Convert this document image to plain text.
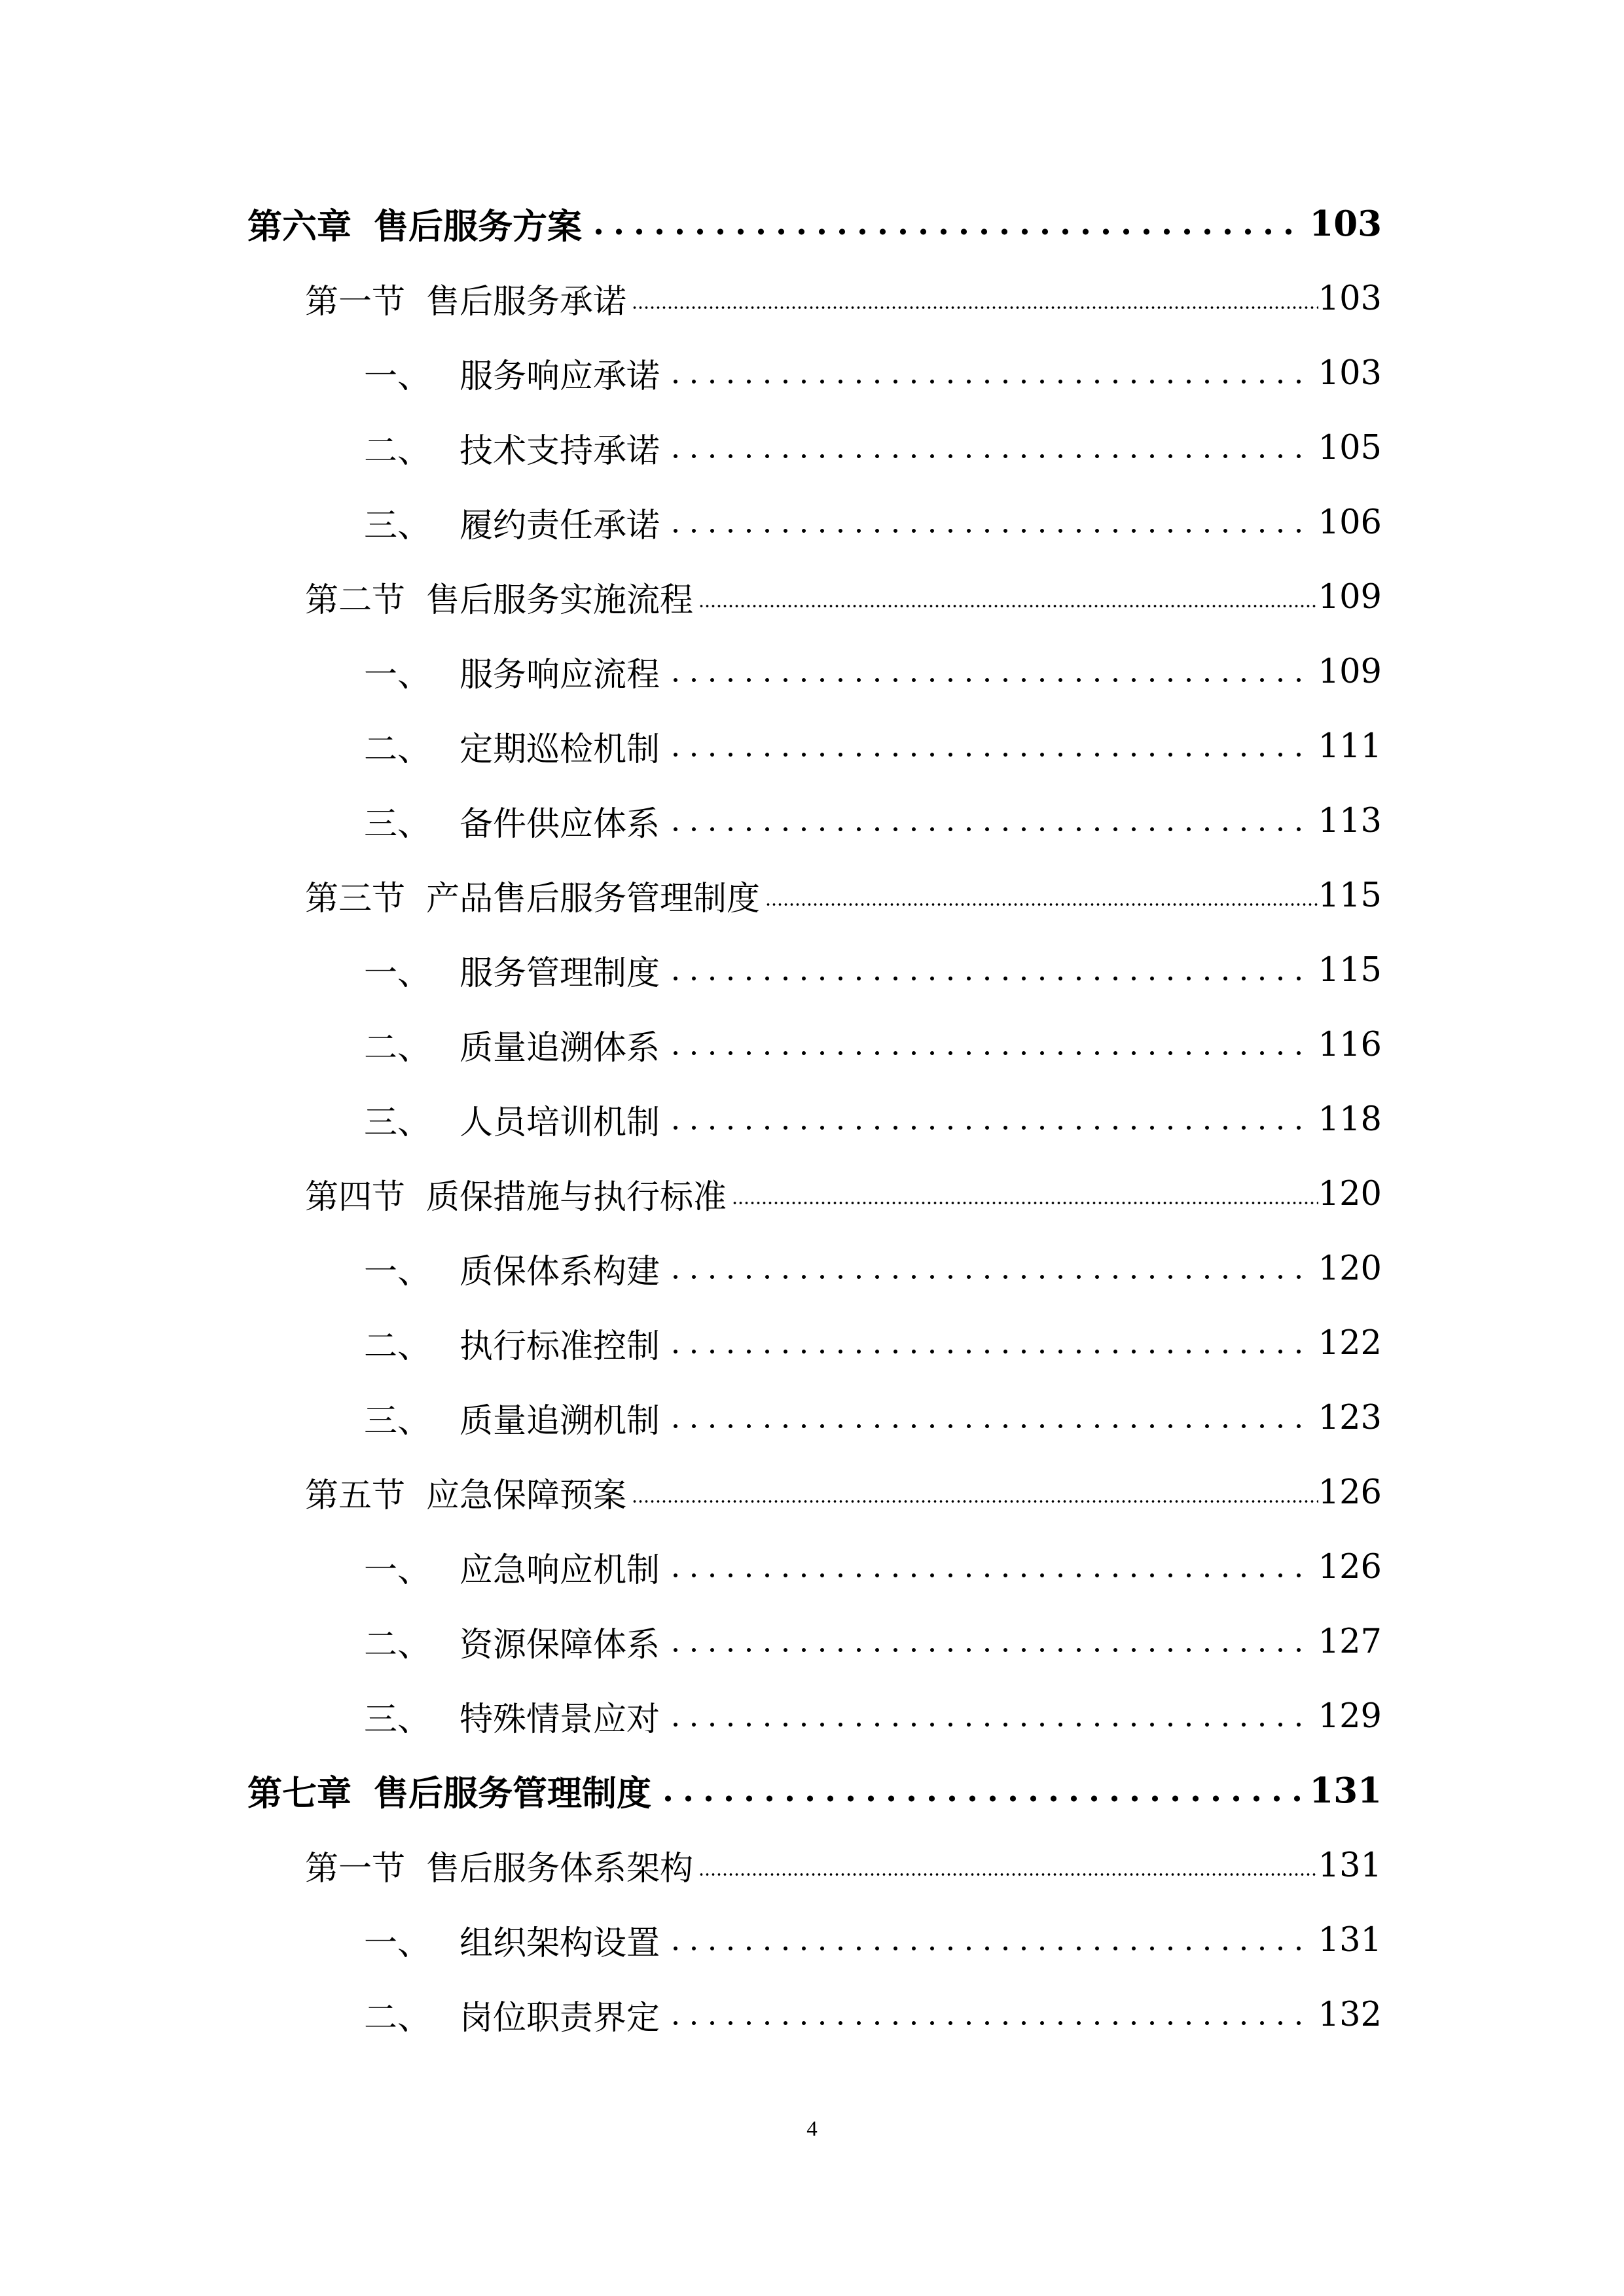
第六章 售后服务方案	103
第一节 售后服务承诺	103
一、 服务响应承诺	103
二、 技术支持承诺	105
三、 履约责任承诺	106
第二节 售后服务实施流程	109
一、 服务响应流程	109
二、 定期巡检机制	111
三、 备件供应体系	113
第三节 产品售后服务管理制度	115
一、 服务管理制度	115
二、 质量追溯体系	116
三、 人员培训机制	118
第四节 质保措施与执行标准	120
一、 质保体系构建	120
二、 执行标准控制	122
三、 质量追溯机制	123
第五节 应急保障预案	126
一、 应急响应机制	126
二、 资源保障体系	127
三、 特殊情景应对	129
第七章 售后服务管理制度	131
第一节 售后服务体系架构	131
一、 组织架构设置	131
二、 岗位职责界定	132
4
